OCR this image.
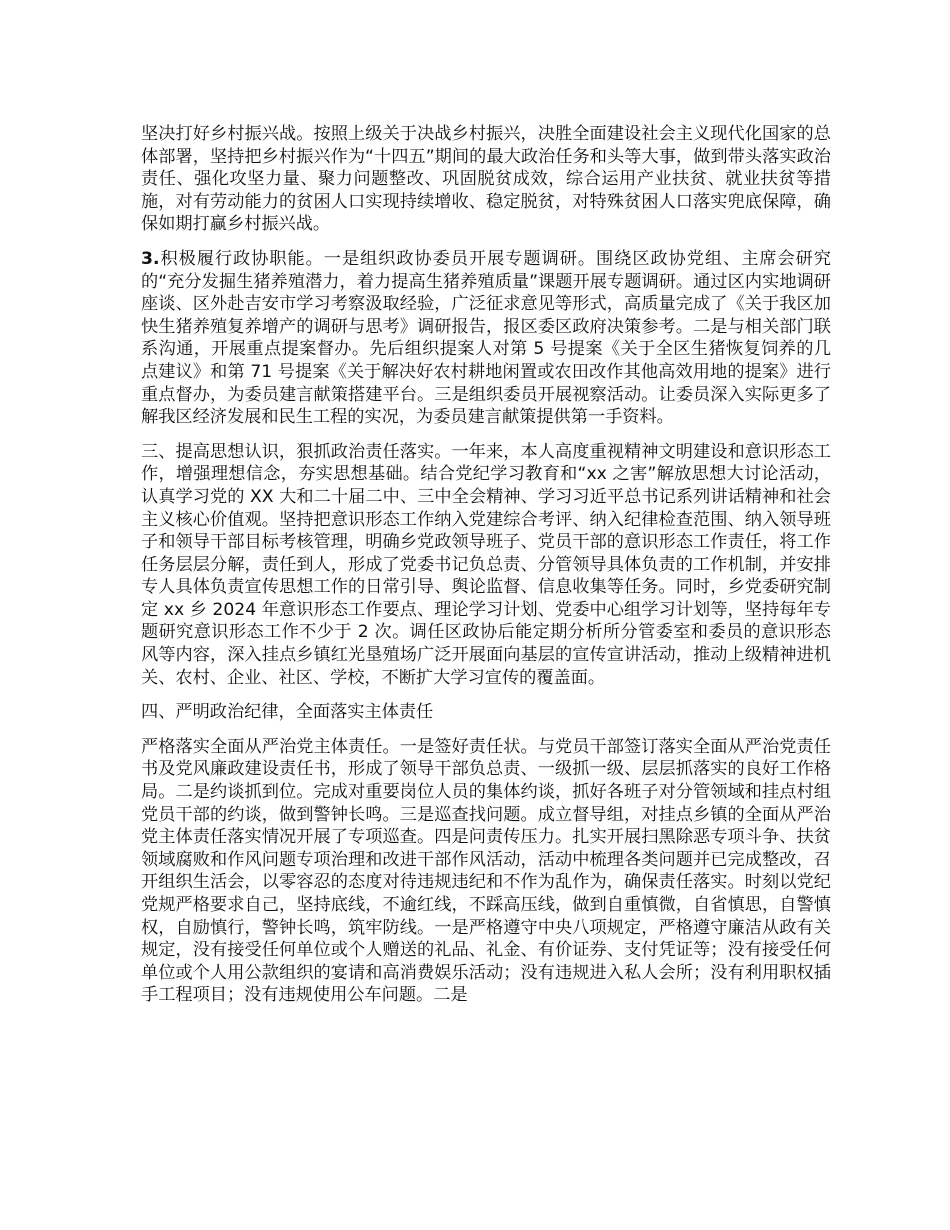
坚决打好乡村振兴战。按照上级关于决战乡村振兴，决胜全面建设社会主义现代化国家的总体部署，坚持把乡村振兴作为“十四五”期间的最大政治任务和头等大事，做到带头落实政治责任、强化攻坚力量、聚力问题整改、巩固脱贫成效，综合运用产业扶贫、就业扶贫等措施，对有劳动能力的贫困人口实现持续增收、稳定脱贫，对特殊贫困人口落实兜底保障，确保如期打赢乡村振兴战。

3.积极履行政协职能。一是组织政协委员开展专题调研。围绕区政协党组、主席会研究的“充分发掘生猪养殖潜力，着力提高生猪养殖质量”课题开展专题调研。通过区内实地调研座谈、区外赴吉安市学习考察汲取经验，广泛征求意见等形式，高质量完成了《关于我区加快生猪养殖复养增产的调研与思考》调研报告，报区委区政府决策参考。二是与相关部门联系沟通，开展重点提案督办。先后组织提案人对第 5 号提案《关于全区生猪恢复饲养的几点建议》和第 71 号提案《关于解决好农村耕地闲置或农田改作其他高效用地的提案》进行重点督办，为委员建言献策搭建平台。三是组织委员开展视察活动。让委员深入实际更多了解我区经济发展和民生工程的实况，为委员建言献策提供第一手资料。

三、提高思想认识，狠抓政治责任落实。一年来，本人高度重视精神文明建设和意识形态工作，增强理想信念，夯实思想基础。结合党纪学习教育和“xx 之害”解放思想大讨论活动，认真学习党的 XX 大和二十届二中、三中全会精神、学习习近平总书记系列讲话精神和社会主义核心价值观。坚持把意识形态工作纳入党建综合考评、纳入纪律检查范围、纳入领导班子和领导干部目标考核管理，明确乡党政领导班子、党员干部的意识形态工作责任，将工作任务层层分解，责任到人，形成了党委书记负总责、分管领导具体负责的工作机制，并安排专人具体负责宣传思想工作的日常引导、舆论监督、信息收集等任务。同时，乡党委研究制定 xx 乡 2024 年意识形态工作要点、理论学习计划、党委中心组学习计划等，坚持每年专题研究意识形态工作不少于 2 次。调任区政协后能定期分析所分管委室和委员的意识形态风等内容，深入挂点乡镇红光垦殖场广泛开展面向基层的宣传宣讲活动，推动上级精神进机关、农村、企业、社区、学校，不断扩大学习宣传的覆盖面。

四、严明政治纪律，全面落实主体责任

严格落实全面从严治党主体责任。一是签好责任状。与党员干部签订落实全面从严治党责任书及党风廉政建设责任书，形成了领导干部负总责、一级抓一级、层层抓落实的良好工作格局。二是约谈抓到位。完成对重要岗位人员的集体约谈，抓好各班子对分管领域和挂点村组党员干部的约谈，做到警钟长鸣。三是巡查找问题。成立督导组，对挂点乡镇的全面从严治党主体责任落实情况开展了专项巡查。四是问责传压力。扎实开展扫黑除恶专项斗争、扶贫领域腐败和作风问题专项治理和改进干部作风活动，活动中梳理各类问题并已完成整改，召开组织生活会，以零容忍的态度对待违规违纪和不作为乱作为，确保责任落实。时刻以党纪党规严格要求自己，坚持底线，不逾红线，不踩高压线，做到自重慎微，自省慎思，自警慎权，自励慎行，警钟长鸣，筑牢防线。一是严格遵守中央八项规定，严格遵守廉洁从政有关规定，没有接受任何单位或个人赠送的礼品、礼金、有价证券、支付凭证等；没有接受任何单位或个人用公款组织的宴请和高消费娱乐活动；没有违规进入私人会所；没有利用职权插手工程项目；没有违规使用公车问题。二是
